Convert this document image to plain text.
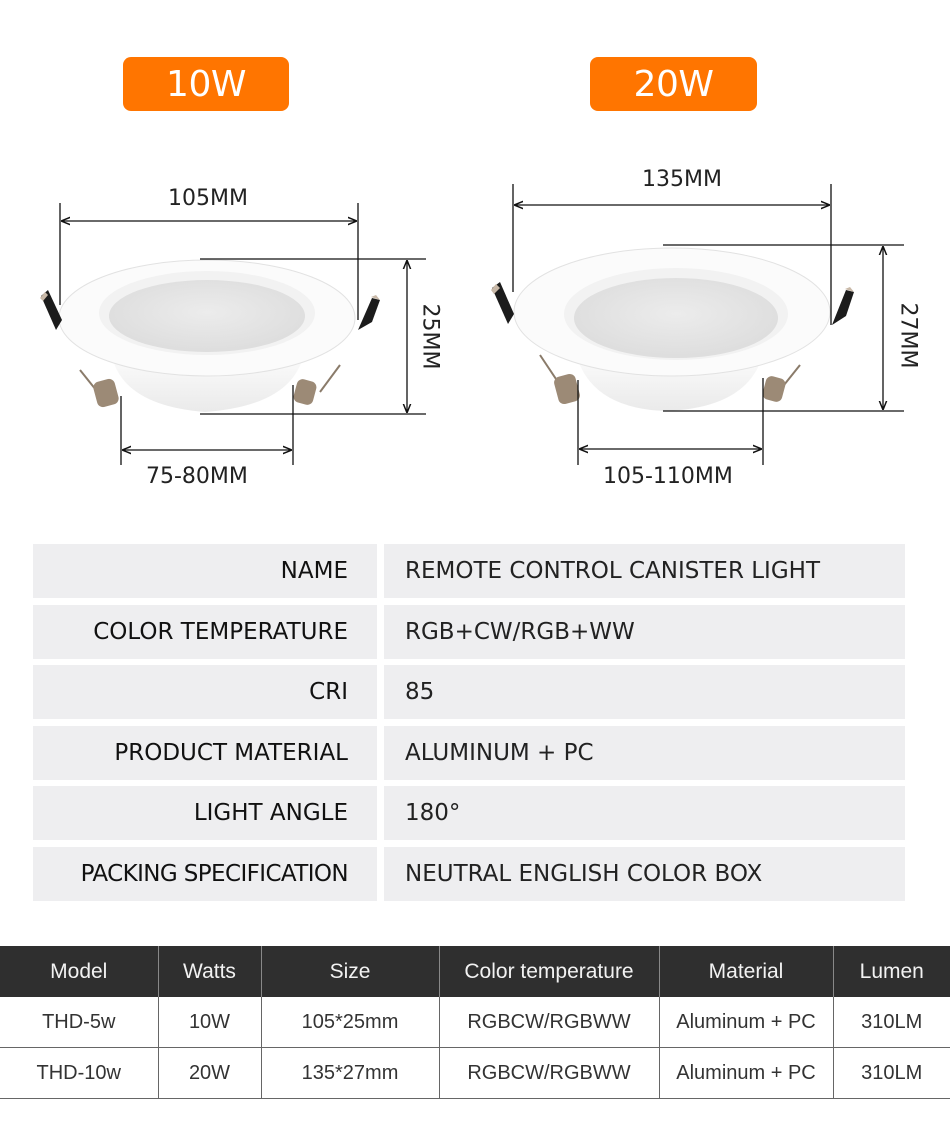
10W	20W
105MM
25MM
75-80MM
135MM
27MM
105-110MM
NAME	REMOTE CONTROL CANISTER LIGHT
COLOR TEMPERATURE	RGB+CW/RGB+WW
CRI	85
PRODUCT MATERIAL	ALUMINUM + PC
LIGHT ANGLE	180°
PACKING SPECIFICATION	NEUTRAL ENGLISH COLOR BOX
Model	Watts	Size	Color temperature	Material	Lumen
THD-5w	10W	105*25mm	RGBCW/RGBWW	Aluminum + PC	310LM
THD-10w	20W	135*27mm	RGBCW/RGBWW	Aluminum + PC	310LM
